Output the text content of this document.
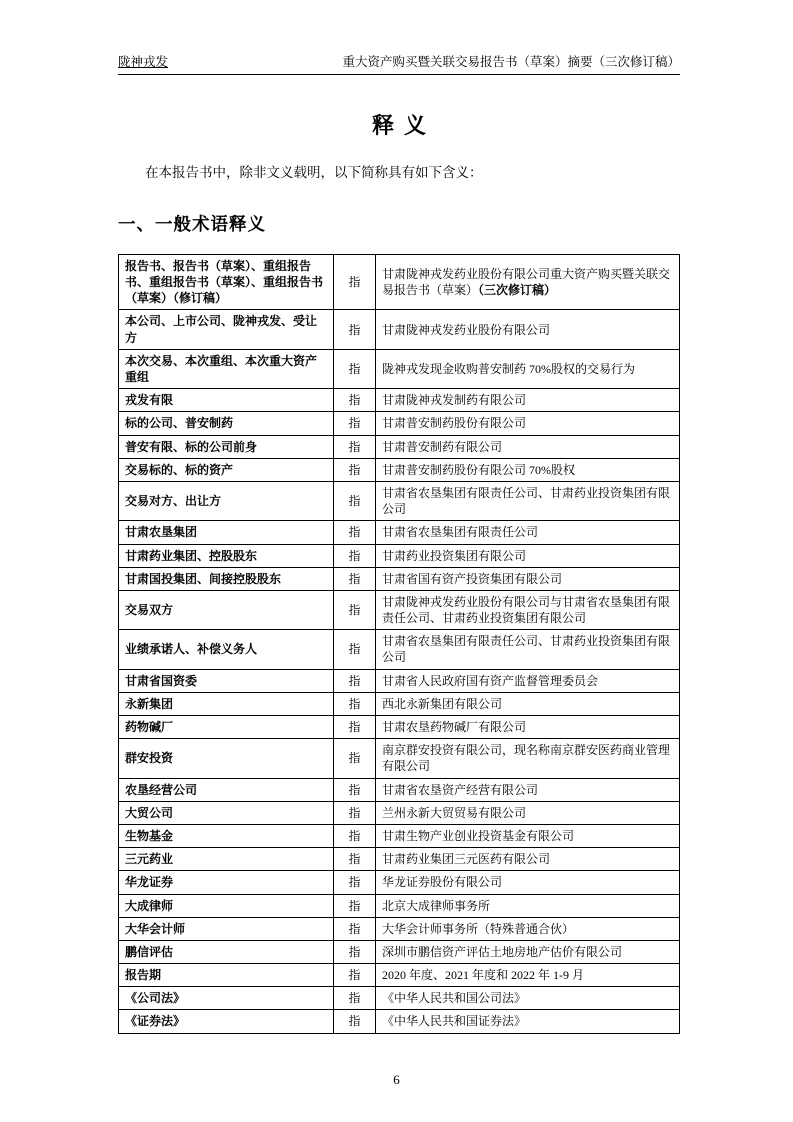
陇神戎发	重大资产购买暨关联交易报告书（草案）摘要（三次修订稿）
释义

在本报告书中，除非文义载明，以下简称具有如下含义：

一、一般术语释义
报告书、报告书（草案）、重组报告书、重组报告书（草案）、重组报告书（草案）（修订稿）	指	甘肃陇神戎发药业股份有限公司重大资产购买暨关联交易报告书（草案）（三次修订稿）
本公司、上市公司、陇神戎发、受让方	指	甘肃陇神戎发药业股份有限公司
本次交易、本次重组、本次重大资产重组	指	陇神戎发现金收购普安制药 70%股权的交易行为
戎发有限	指	甘肃陇神戎发制药有限公司
标的公司、普安制药	指	甘肃普安制药股份有限公司
普安有限、标的公司前身	指	甘肃普安制药有限公司
交易标的、标的资产	指	甘肃普安制药股份有限公司 70%股权
交易对方、出让方	指	甘肃省农垦集团有限责任公司、甘肃药业投资集团有限公司
甘肃农垦集团	指	甘肃省农垦集团有限责任公司
甘肃药业集团、控股股东	指	甘肃药业投资集团有限公司
甘肃国投集团、间接控股股东	指	甘肃省国有资产投资集团有限公司
交易双方	指	甘肃陇神戎发药业股份有限公司与甘肃省农垦集团有限责任公司、甘肃药业投资集团有限公司
业绩承诺人、补偿义务人	指	甘肃省农垦集团有限责任公司、甘肃药业投资集团有限公司
甘肃省国资委	指	甘肃省人民政府国有资产监督管理委员会
永新集团	指	西北永新集团有限公司
药物碱厂	指	甘肃农垦药物碱厂有限公司
群安投资	指	南京群安投资有限公司，现名称南京群安医药商业管理有限公司
农垦经营公司	指	甘肃省农垦资产经营有限公司
大贸公司	指	兰州永新大贸贸易有限公司
生物基金	指	甘肃生物产业创业投资基金有限公司
三元药业	指	甘肃药业集团三元医药有限公司
华龙证券	指	华龙证券股份有限公司
大成律师	指	北京大成律师事务所
大华会计师	指	大华会计师事务所（特殊普通合伙）
鹏信评估	指	深圳市鹏信资产评估土地房地产估价有限公司
报告期	指	2020 年度、2021 年度和 2022 年 1-9 月
《公司法》	指	《中华人民共和国公司法》
《证券法》	指	《中华人民共和国证券法》
6
